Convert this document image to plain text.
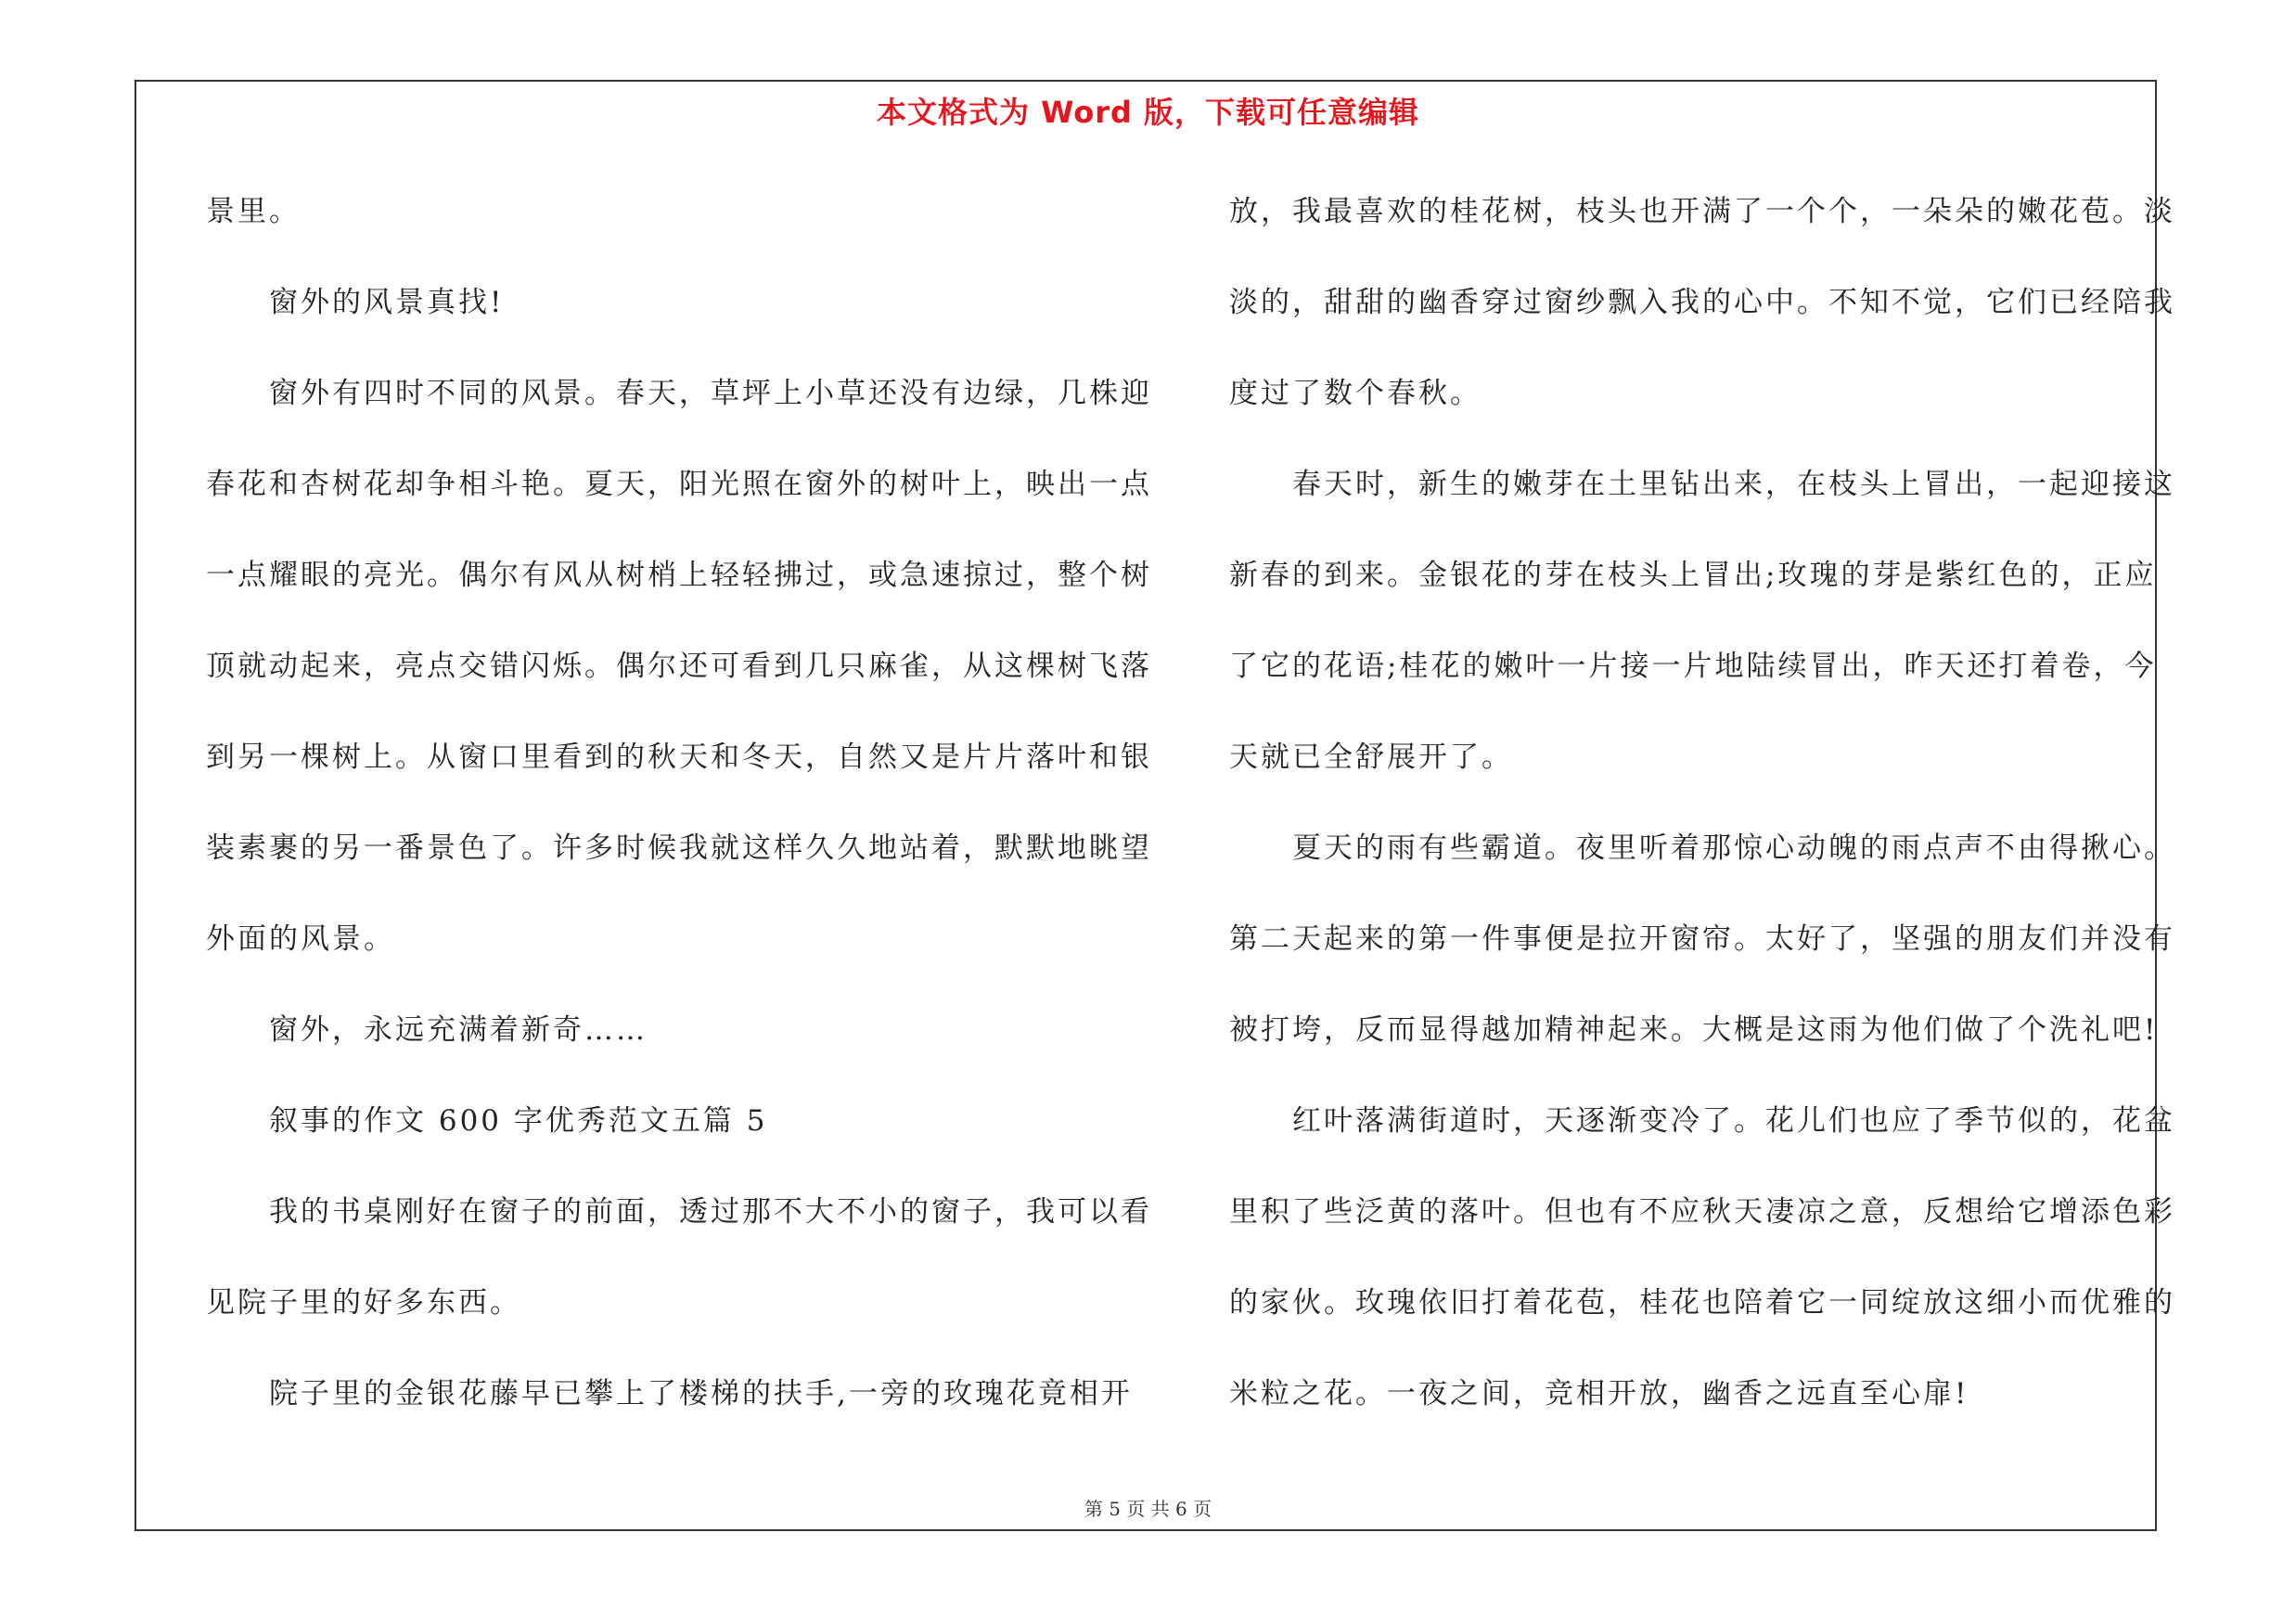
本文格式为 Word 版，下载可任意编辑
景里。
窗外的风景真找!
窗外有四时不同的风景。春天，草坪上小草还没有边绿，几株迎
春花和杏树花却争相斗艳。夏天，阳光照在窗外的树叶上，映出一点
一点耀眼的亮光。偶尔有风从树梢上轻轻拂过，或急速掠过，整个树
顶就动起来，亮点交错闪烁。偶尔还可看到几只麻雀，从这棵树飞落
到另一棵树上。从窗口里看到的秋天和冬天，自然又是片片落叶和银
装素裹的另一番景色了。许多时候我就这样久久地站着，默默地眺望
外面的风景。
窗外，永远充满着新奇……
叙事的作文 600 字优秀范文五篇 5
我的书桌刚好在窗子的前面，透过那不大不小的窗子，我可以看
见院子里的好多东西。
院子里的金银花藤早已攀上了楼梯的扶手,一旁的玫瑰花竟相开
放，我最喜欢的桂花树，枝头也开满了一个个，一朵朵的嫩花苞。淡
淡的，甜甜的幽香穿过窗纱飘入我的心中。不知不觉，它们已经陪我
度过了数个春秋。
春天时，新生的嫩芽在土里钻出来，在枝头上冒出，一起迎接这
新春的到来。金银花的芽在枝头上冒出;玫瑰的芽是紫红色的，正应
了它的花语;桂花的嫩叶一片接一片地陆续冒出，昨天还打着卷，今
天就已全舒展开了。
夏天的雨有些霸道。夜里听着那惊心动魄的雨点声不由得揪心。
第二天起来的第一件事便是拉开窗帘。太好了，坚强的朋友们并没有
被打垮，反而显得越加精神起来。大概是这雨为他们做了个洗礼吧!
红叶落满街道时，天逐渐变冷了。花儿们也应了季节似的，花盆
里积了些泛黄的落叶。但也有不应秋天凄凉之意，反想给它增添色彩
的家伙。玫瑰依旧打着花苞，桂花也陪着它一同绽放这细小而优雅的
米粒之花。一夜之间，竞相开放，幽香之远直至心扉!
第 5 页 共 6 页
